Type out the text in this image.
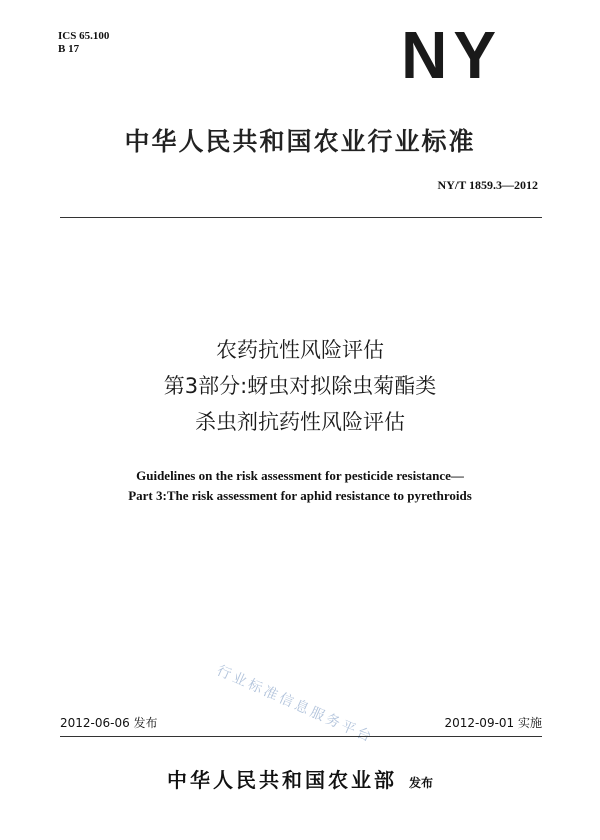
ICS 65.100
B 17	NY
中华人民共和国农业行业标准
NY/T 1859.3—2012
农药抗性风险评估
第3部分:蚜虫对拟除虫菊酯类
杀虫剂抗药性风险评估
Guidelines on the risk assessment for pesticide resistance—
Part 3:The risk assessment for aphid resistance to pyrethroids
行业标准信息服务平台
2012-06-06 发布	2012-09-01 实施
中华人民共和国农业部 发布
